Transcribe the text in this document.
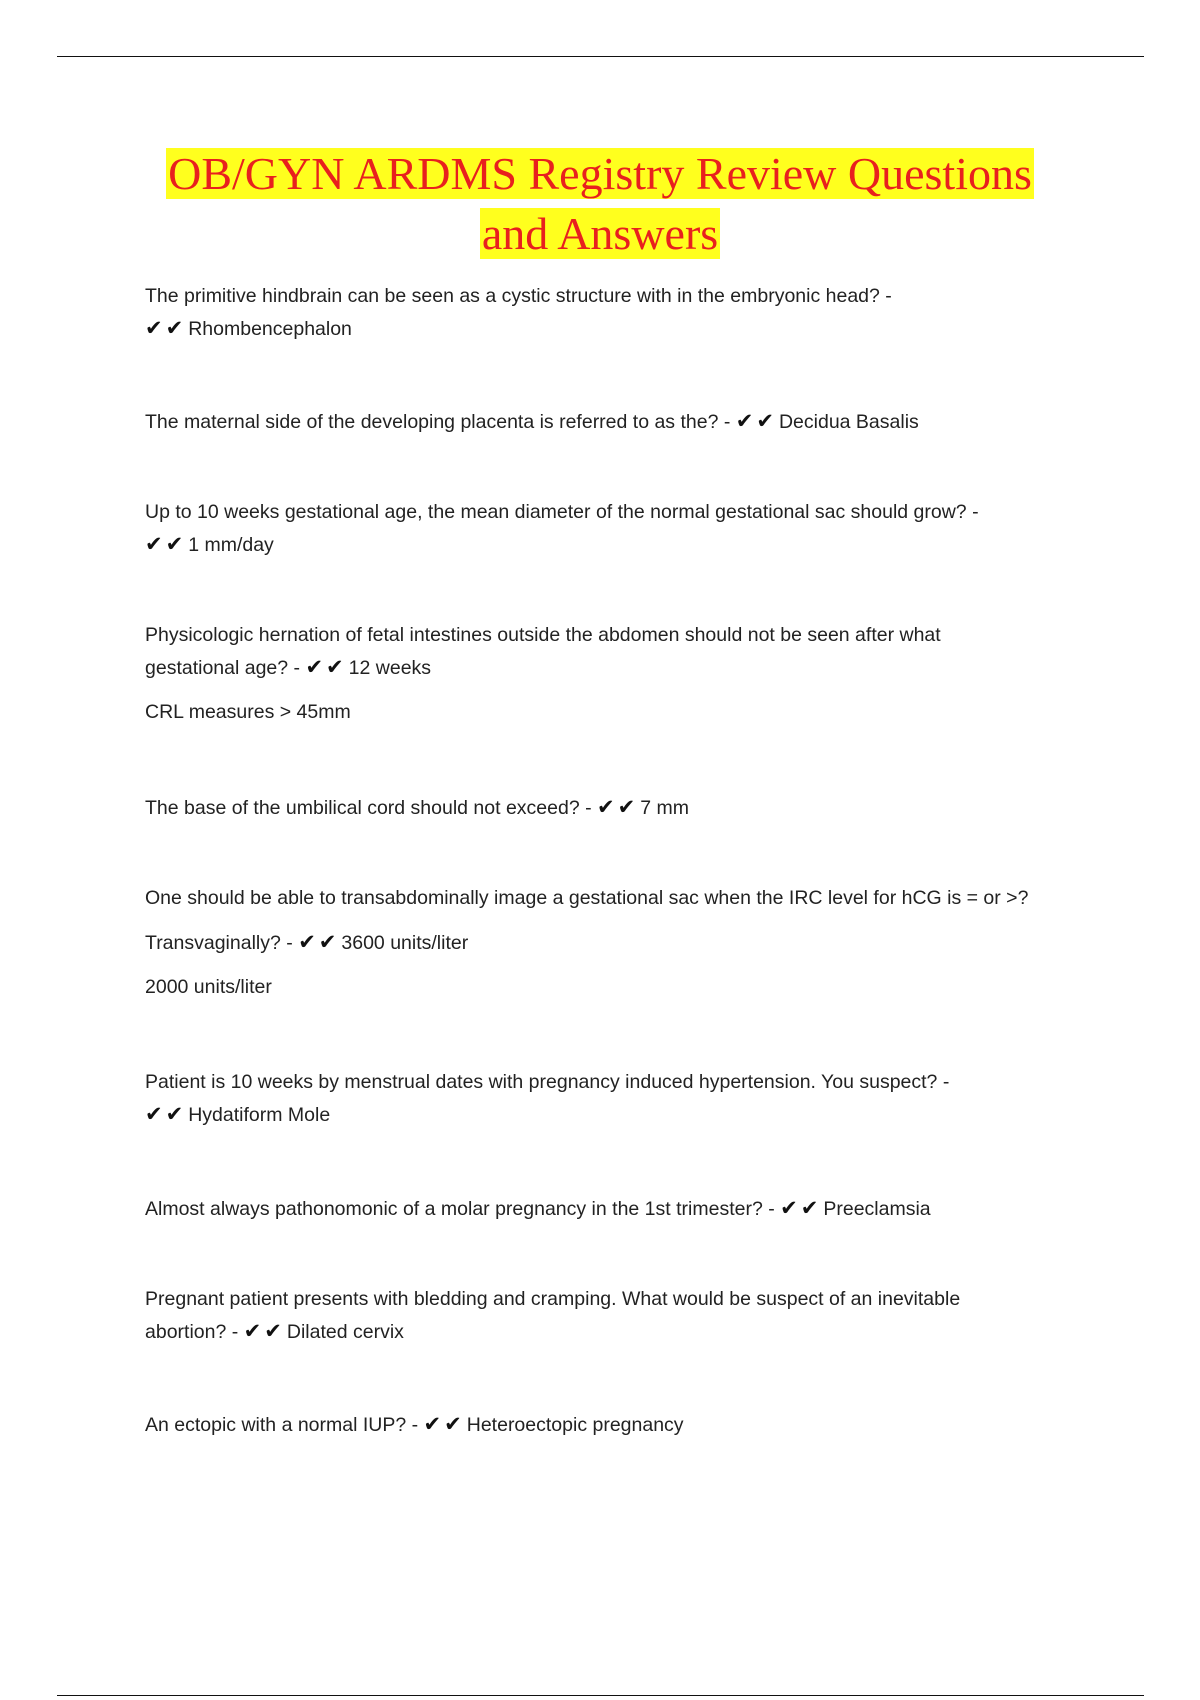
OB/GYN ARDMS Registry Review Questions
and Answers

The primitive hindbrain can be seen as a cystic structure with in the embryonic head? -

✔✔ Rhombencephalon

The maternal side of the developing placenta is referred to as the? - ✔✔ Decidua Basalis

Up to 10 weeks gestational age, the mean diameter of the normal gestational sac should grow? -

✔✔ 1 mm/day

Physicologic hernation of fetal intestines outside the abdomen should not be seen after what

gestational age? - ✔✔ 12 weeks

CRL measures > 45mm

The base of the umbilical cord should not exceed? - ✔✔ 7 mm

One should be able to transabdominally image a gestational sac when the IRC level for hCG is = or >?

Transvaginally? - ✔✔ 3600 units/liter

2000 units/liter

Patient is 10 weeks by menstrual dates with pregnancy induced hypertension. You suspect? -

✔✔ Hydatiform Mole

Almost always pathonomonic of a molar pregnancy in the 1st trimester? - ✔✔ Preeclamsia

Pregnant patient presents with bledding and cramping. What would be suspect of an inevitable

abortion? - ✔✔ Dilated cervix

An ectopic with a normal IUP? - ✔✔ Heteroectopic pregnancy
